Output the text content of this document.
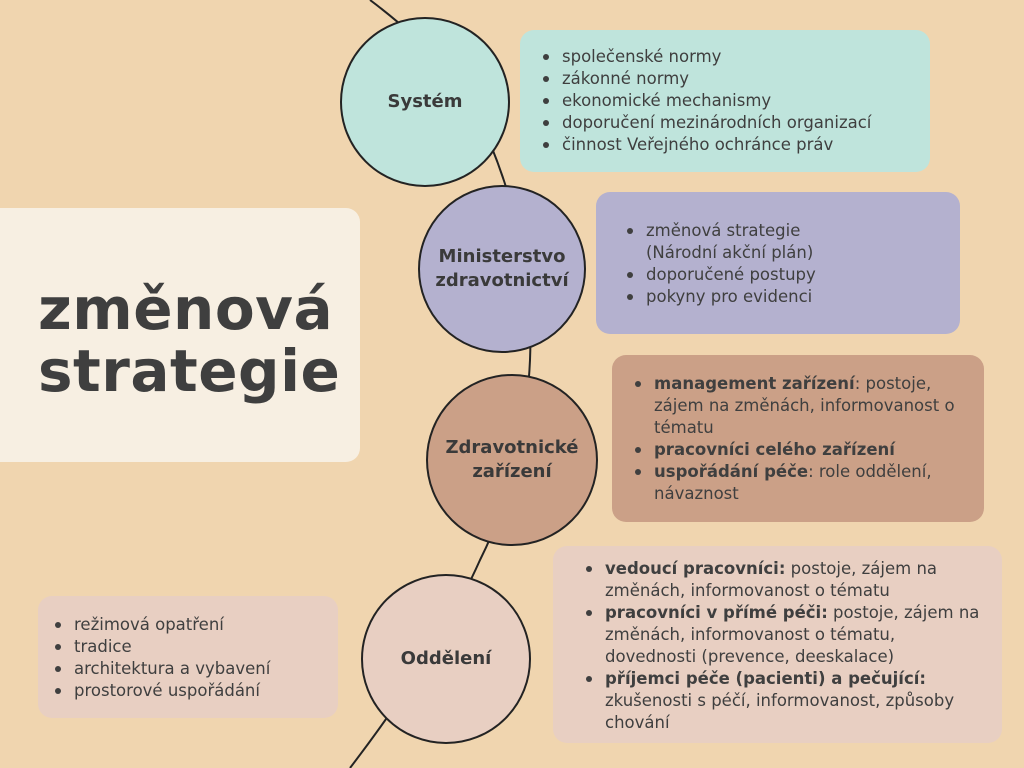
změnová
strategie
Systém
společenské normy
zákonné normy
ekonomické mechanismy
doporučení mezinárodních organizací
činnost Veřejného ochránce práv
Ministerstvo
zdravotnictví
změnová strategie (Národní akční plán)
doporučené postupy
pokyny pro evidenci
Zdravotnické
zařízení
management zařízení: postoje, zájem na změnách, informovanost o tématu
pracovníci celého zařízení
uspořádání péče: role oddělení, návaznost
Oddělení
vedoucí pracovníci: postoje, zájem na změnách, informovanost o tématu
pracovníci v přímé péči: postoje, zájem na změnách, informovanost o tématu, dovednosti (prevence, deeskalace)
příjemci péče (pacienti) a pečující: zkušenosti s péčí, informovanost, způsoby chování
režimová opatření
tradice
architektura a vybavení
prostorové uspořádání
